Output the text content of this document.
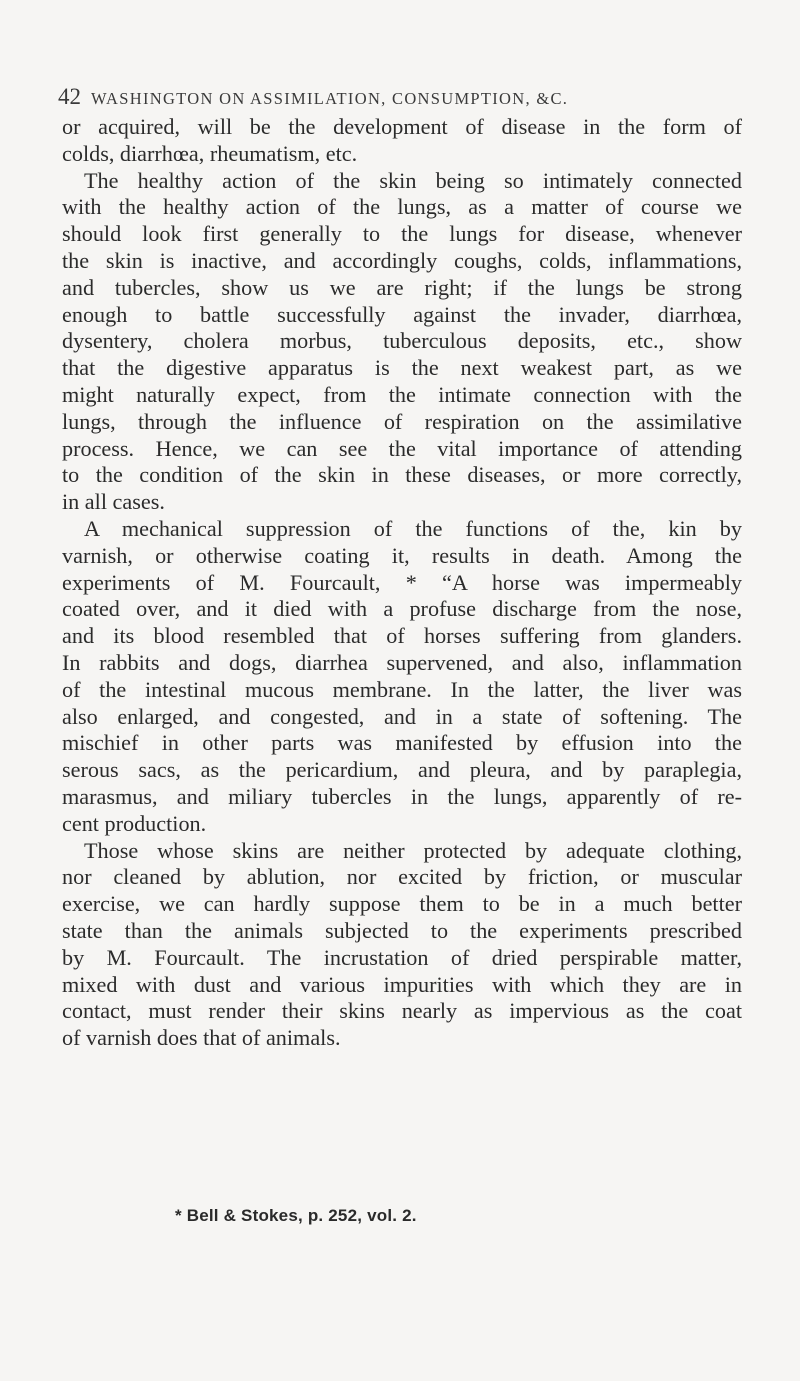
42 WASHINGTON ON ASSIMILATION, CONSUMPTION, &C.
or acquired, will be the development of disease in the form of
colds, diarrhœa, rheumatism, etc.
The healthy action of the skin being so intimately connected
with the healthy action of the lungs, as a matter of course we
should look first generally to the lungs for disease, whenever
the skin is inactive, and accordingly coughs, colds, inflammations,
and tubercles, show us we are right; if the lungs be strong
enough to battle successfully against the invader, diarrhœa,
dysentery, cholera morbus, tuberculous deposits, etc., show
that the digestive apparatus is the next weakest part, as we
might naturally expect, from the intimate connection with the
lungs, through the influence of respiration on the assimilative
process. Hence, we can see the vital importance of attending
to the condition of the skin in these diseases, or more correctly,
in all cases.
A mechanical suppression of the functions of the, kin by
varnish, or otherwise coating it, results in death. Among the
experiments of M. Fourcault, * “A horse was impermeably
coated over, and it died with a profuse discharge from the nose,
and its blood resembled that of horses suffering from glanders.
In rabbits and dogs, diarrhea supervened, and also, inflammation
of the intestinal mucous membrane. In the latter, the liver was
also enlarged, and congested, and in a state of softening. The
mischief in other parts was manifested by effusion into the
serous sacs, as the pericardium, and pleura, and by paraplegia,
marasmus, and miliary tubercles in the lungs, apparently of re-
cent production.
Those whose skins are neither protected by adequate clothing,
nor cleaned by ablution, nor excited by friction, or muscular
exercise, we can hardly suppose them to be in a much better
state than the animals subjected to the experiments prescribed
by M. Fourcault. The incrustation of dried perspirable matter,
mixed with dust and various impurities with which they are in
contact, must render their skins nearly as impervious as the coat
of varnish does that of animals.
* Bell & Stokes, p. 252, vol. 2.
